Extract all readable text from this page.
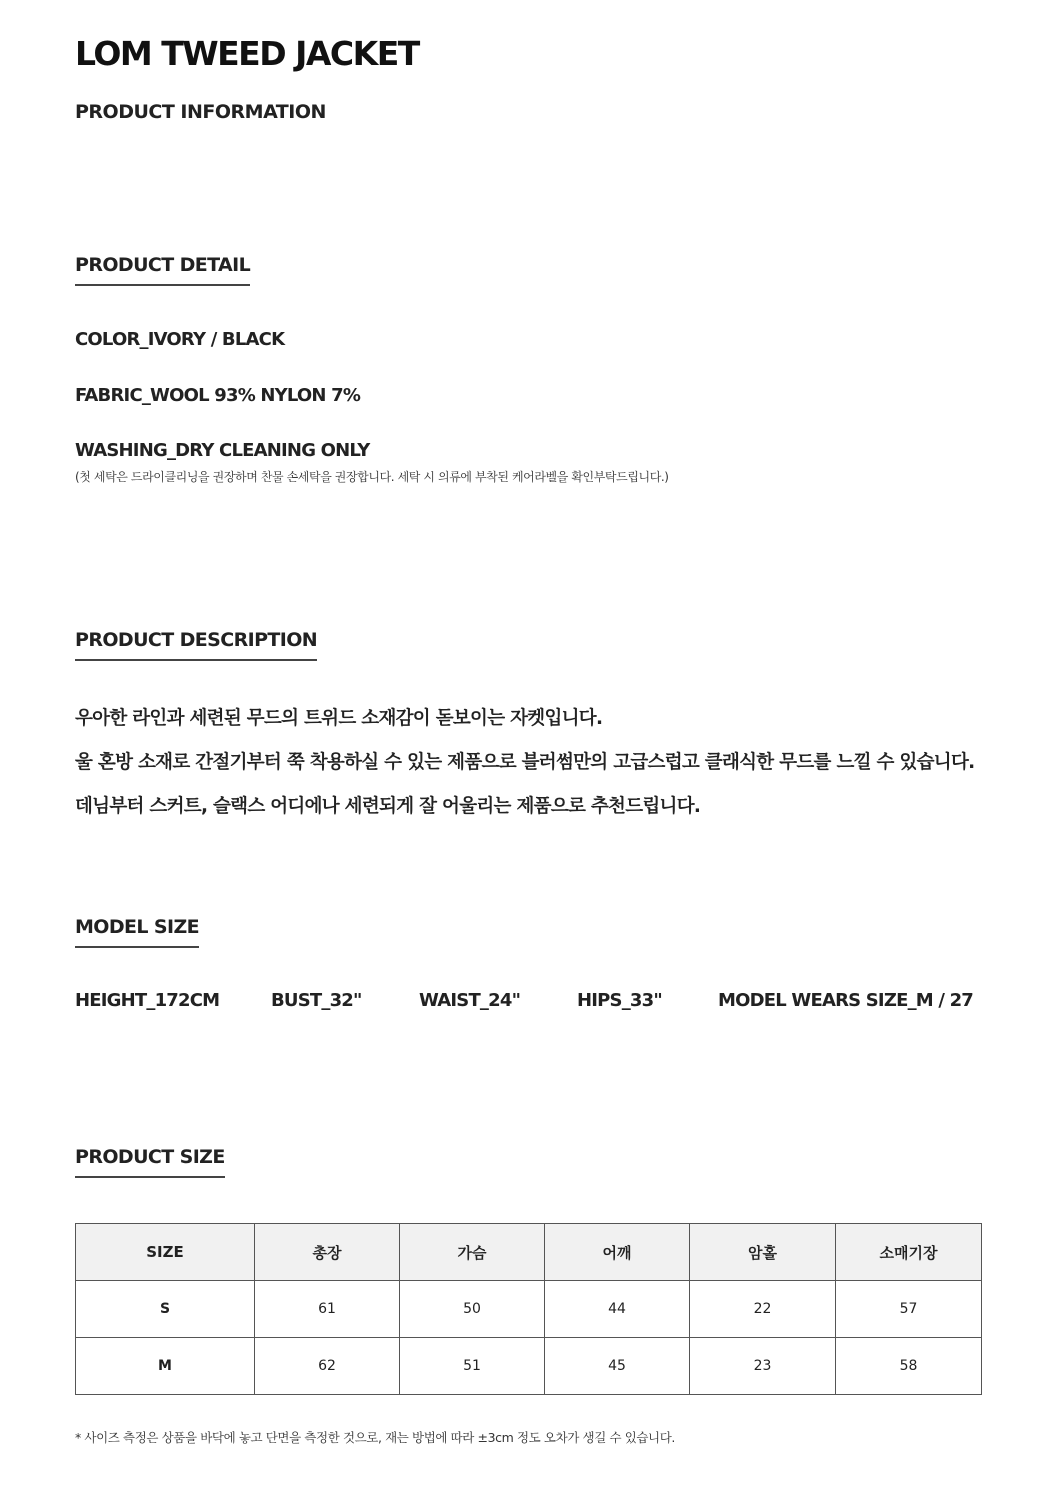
LOM TWEED JACKET
PRODUCT INFORMATION
PRODUCT DETAIL
COLOR_IVORY / BLACK
FABRIC_WOOL 93% NYLON 7%
WASHING_DRY CLEANING ONLY
(첫 세탁은 드라이클리닝을 권장하며 찬물 손세탁을 권장합니다. 세탁 시 의류에 부착된 케어라벨을 확인부탁드립니다.)
PRODUCT DESCRIPTION
우아한 라인과 세련된 무드의 트위드 소재감이 돋보이는 자켓입니다.
울 혼방 소재로 간절기부터 쭉 착용하실 수 있는 제품으로 블러썸만의 고급스럽고 클래식한 무드를 느낄 수 있습니다.
데님부터 스커트, 슬랙스 어디에나 세련되게 잘 어울리는 제품으로 추천드립니다.
MODEL SIZE
HEIGHT_172CM	BUST_32"	WAIST_24"	HIPS_33"	MODEL WEARS SIZE_M / 27
PRODUCT SIZE
SIZE	총장	가슴	어깨	암홀	소매기장
S	61	50	44	22	57
M	62	51	45	23	58
* 사이즈 측정은 상품을 바닥에 놓고 단면을 측정한 것으로, 재는 방법에 따라 ±3cm 정도 오차가 생길 수 있습니다.
